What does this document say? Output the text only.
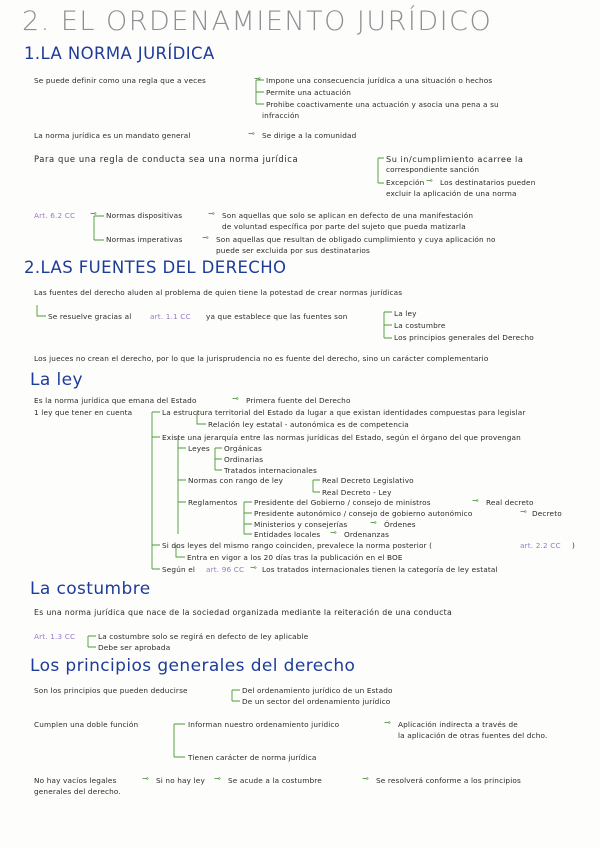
2. EL ORDENAMIENTO JURÍDICO
1.LA NORMA JURÍDICA
Se puede definir como una regla que a veces	⊸ Impone una consecuencia jurídica a una situación o hechos
Permite una actuación
Prohibe coactivamente una actuación y asocia una pena a su
infracción
La norma jurídica es un mandato general	⊸ Se dirige a la comunidad
Para que una regla de conducta sea una norma jurídica	Su in/cumplimiento acarree la
correspondiente sanción
Excepción ⊸ Los destinatarios pueden
excluir la aplicación de una norma
Art. 6.2 CC ⊸ Normas dispositivas	⊸ Son aquellas que solo se aplican en defecto de una manifestación
de voluntad específica por parte del sujeto que pueda matizarla
Normas imperativas ⊸ Son aquellas que resultan de obligado cumplimiento y cuya aplicación no
puede ser excluida por sus destinatarios
2.LAS FUENTES DEL DERECHO
Las fuentes del derecho aluden al problema de quien tiene la potestad de crear normas jurídicas
Se resuelve gracias al	art. 1.1 CC ya que establece que las fuentes son	La ley
La costumbre
Los principios generales del Derecho
Los jueces no crean el derecho, por lo que la jurisprudencia no es fuente del derecho, sino un carácter complementario
La ley
Es la norma jurídica que emana del Estado	⊸ Primera fuente del Derecho
1 ley que tener en cuenta	La estructura territorial del Estado da lugar a que existan identidades compuestas para legislar
Relación ley estatal - autonómica es de competencia
Existe una jerarquía entre las normas jurídicas del Estado, según el órgano del que provengan
Leyes Orgánicas
Ordinarias
Tratados internacionales
Normas con rango de ley	Real Decreto Legislativo
Real Decreto - Ley
Reglamentos Presidente del Gobierno / consejo de ministros	⊸ Real decreto
Presidente autonómico / consejo de gobierno autonómico	⊸ Decreto
Ministerios y consejerías	⊸ Órdenes
Entidades locales ⊸ Ordenanzas
Si dos leyes del mismo rango coinciden, prevalece la norma posterior (	art. 2.2 CC )
Entra en vigor a los 20 días tras la publicación en el BOE
Según el art. 96 CC ⊸ Los tratados internacionales tienen la categoría de ley estatal
La costumbre
Es una norma jurídica que nace de la sociedad organizada mediante la reiteración de una conducta
Art. 1.3 CC	La costumbre solo se regirá en defecto de ley aplicable
Debe ser aprobada
Los principios generales del derecho
Son los principios que pueden deducirse	Del ordenamiento jurídico de un Estado
De un sector del ordenamiento jurídico
Cumplen una doble función	Informan nuestro ordenamiento jurídico	⊸ Aplicación indirecta a través de
la aplicación de otras fuentes del dcho.
Tienen carácter de norma jurídica
No hay vacíos legales	⊸ Si no hay ley ⊸ Se acude a la costumbre	⊸ Se resolverá conforme a los principios
generales del derecho.
